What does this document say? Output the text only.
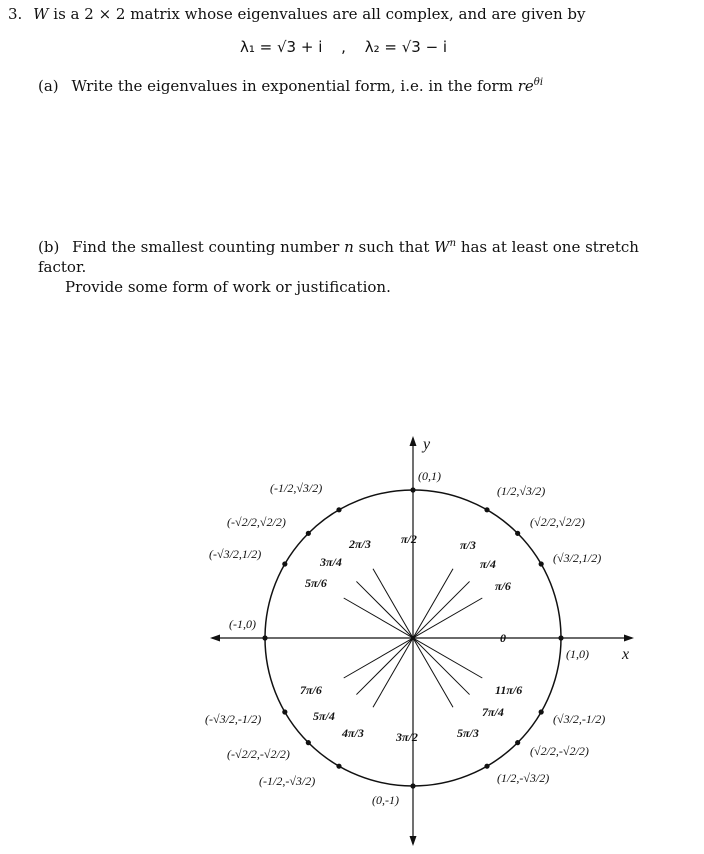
3. W is a 2 × 2 matrix whose eigenvalues are all complex, and are given by
λ₁ = √3 + i , λ₂ = √3 − i
(a) Write the eigenvalues in exponential form, i.e. in the form $re^{\theta i}$
(b) Find the smallest counting number n such that $W^n$ has at least one stretch factor.
Provide some form of work or justification.
x
y
(1,0)
(√3/2,1/2)
(√2/2,√2/2)
(1/2,√3/2)
(0,1)
(-1/2,√3/2)
(-√2/2,√2/2)
(-√3/2,1/2)
(-1,0)
(-√3/2,-1/2)
(-√2/2,-√2/2)
(-1/2,-√3/2)
(0,-1)
(1/2,-√3/2)
(√2/2,-√2/2)
(√3/2,-1/2)
0
π/6
π/4
π/3
π/2
2π/3
3π/4
5π/6
7π/6
5π/4
4π/3	3π/2	5π/3
7π/4
11π/6
